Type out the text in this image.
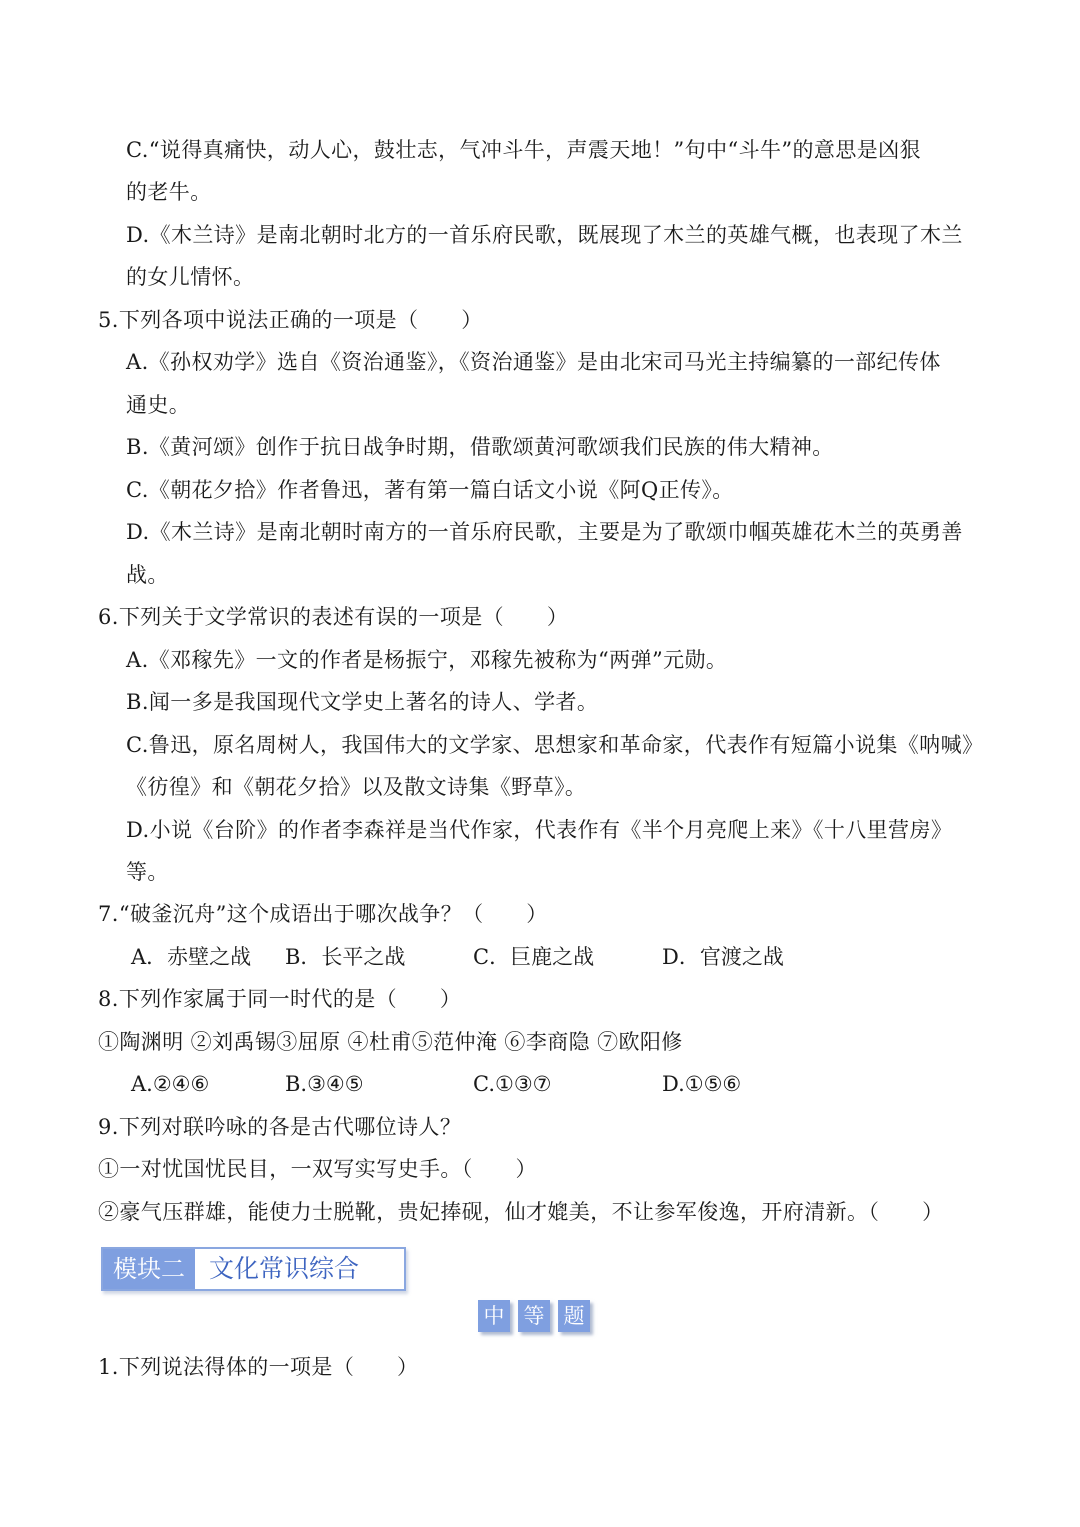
C.“说得真痛快，动人心，鼓壮志，气冲斗牛，声震天地！”句中“斗牛”的意思是凶狠
的老牛。
D.《木兰诗》是南北朝时北方的一首乐府民歌，既展现了木兰的英雄气概，也表现了木兰
的女儿情怀。
5.下列各项中说法正确的一项是（　　）
A.《孙权劝学》选自《资治通鉴》，《资治通鉴》是由北宋司马光主持编纂的一部纪传体
通史。
B.《黄河颂》创作于抗日战争时期，借歌颂黄河歌颂我们民族的伟大精神。
C.《朝花夕拾》作者鲁迅，著有第一篇白话文小说《阿Q正传》。
D.《木兰诗》是南北朝时南方的一首乐府民歌，主要是为了歌颂巾帼英雄花木兰的英勇善
战。
6.下列关于文学常识的表述有误的一项是（　　）
A.《邓稼先》一文的作者是杨振宁，邓稼先被称为“两弹”元勋。
B.闻一多是我国现代文学史上著名的诗人、学者。
C.鲁迅，原名周树人，我国伟大的文学家、思想家和革命家，代表作有短篇小说集《呐喊》
《彷徨》和《朝花夕拾》以及散文诗集《野草》。
D.小说《台阶》的作者李森祥是当代作家，代表作有《半个月亮爬上来》《十八里营房》
等。
7.“破釜沉舟”这个成语出于哪次战争？（　　）
A．赤壁之战 B．长平之战	C．巨鹿之战	D．官渡之战
8.下列作家属于同一时代的是（　　）
①陶渊明 ②刘禹锡③屈原 ④杜甫⑤范仲淹 ⑥李商隐 ⑦欧阳修
A.②④⑥	B.③④⑤	C.①③⑦	D.①⑤⑥
9.下列对联吟咏的各是古代哪位诗人？
①一对忧国忧民目，一双写实写史手。（　　）
②豪气压群雄，能使力士脱靴，贵妃捧砚，仙才媲美，不让参军俊逸，开府清新。（　　）
模块二 文化常识综合
中 等 题
1.下列说法得体的一项是（　　）
